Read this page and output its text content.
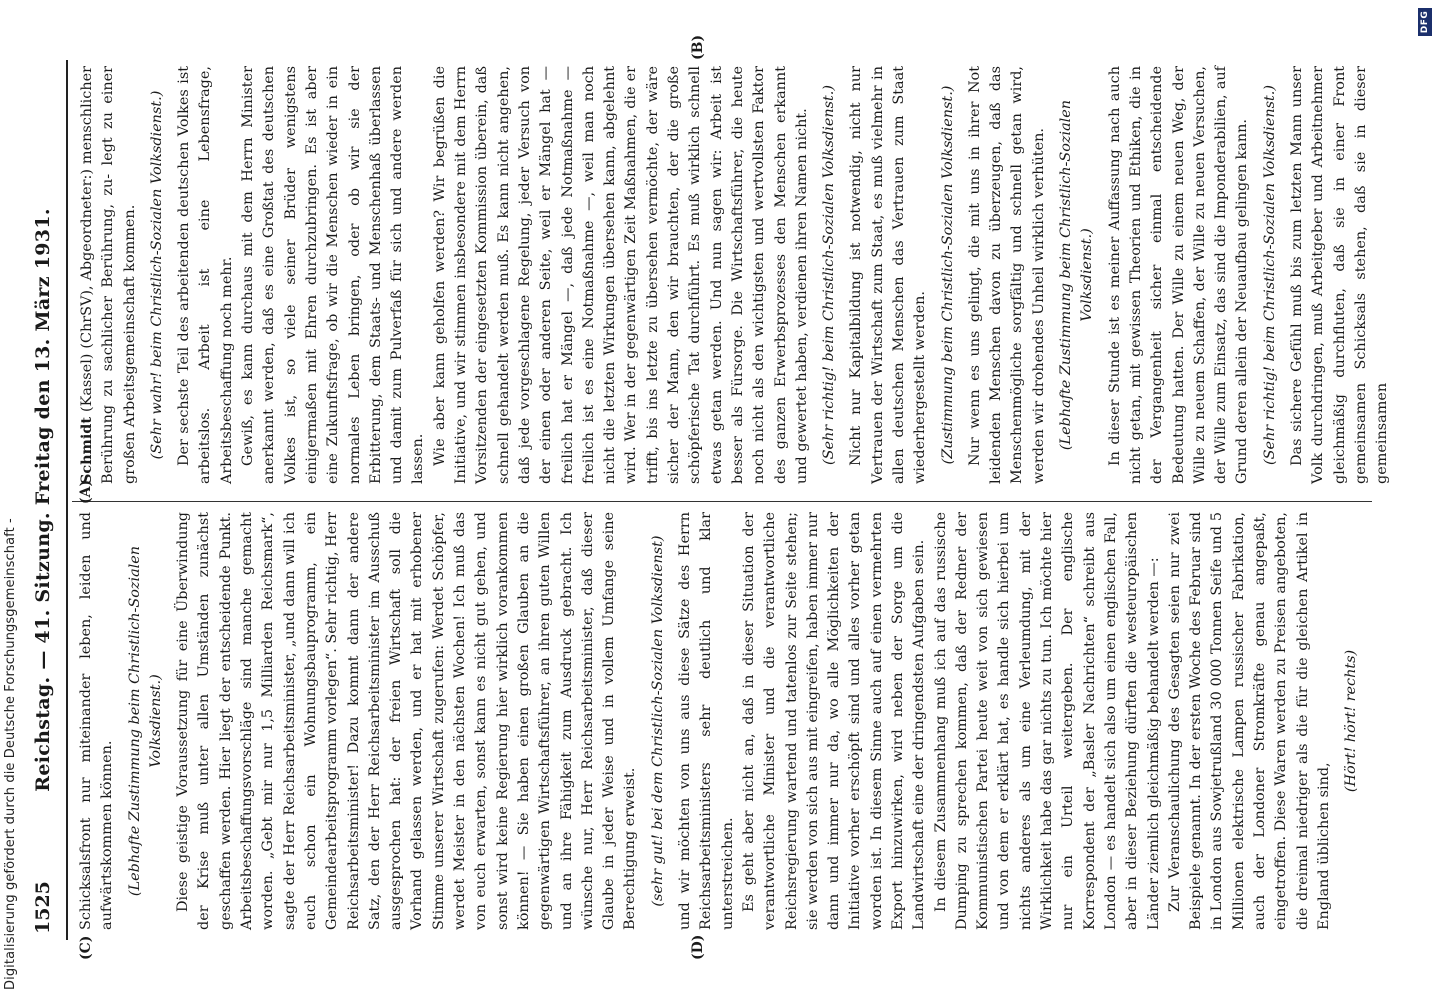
1525
Reichstag. — 41. Sitzung. Freitag den 13. März 1931. (A)
(B)
(C)	(D)

Schmidt (Kassel) (ChrSV), Abgeordneter:) menschlicher Berührung zu sachlicher Berührung, zu- legt zu einer großen Arbeitsgemeinschaft kommen. (Sehr wahr! beim Christlich-Sozialen Volksdienst.) Der sechste Teil des arbeitenden deutschen Volkes ist arbeitslos. Arbeit ist eine Lebensfrage, Arbeitsbeschaffung noch mehr. Gewiß, es kann durchaus mit dem Herrn Minister anerkannt werden, daß es eine Großtat des deutschen Volkes ist, so viele seiner Brüder wenigstens einigermaßen mit Ehren durchzubringen. Es ist aber eine Zukunftsfrage, ob wir die Menschen wieder in ein normales Leben bringen, oder ob wir sie der Erbitterung, dem Staats- und Menschenhaß überlassen und damit zum Pulverfaß für sich und andere werden lassen. Wie aber kann geholfen werden? Wir begrüßen die Initiative, und wir stimmen insbesondere mit dem Herrn Vorsitzenden der eingesetzten Kommission überein, daß schnell gehandelt werden muß. Es kann nicht angehen, daß jede vorgeschlagene Regelung, jeder Versuch von der einen oder anderen Seite, weil er Mängel hat — freilich hat er Mängel —, daß jede Notmaßnahme — freilich ist es eine Notmaßnahme —, weil man noch nicht die letzten Wirkungen übersehen kann, abgelehnt wird. Wer in der gegenwärtigen Zeit Maßnahmen, die er trifft, bis ins letzte zu übersehen vermöchte, der wäre sicher der Mann, den wir brauchten, der die große schöpferische Tat durchführt. Es muß wirklich schnell etwas getan werden. Und nun sagen wir: Arbeit ist besser als Fürsorge. Die Wirtschaftsführer, die heute noch nicht als den wichtigsten und wertvollsten Faktor des ganzen Erwerbsprozesses den Menschen erkannt und gewertet haben, verdienen ihren Namen nicht. (Sehr richtig! beim Christlich-Sozialen Volksdienst.) Nicht nur Kapitalbildung ist notwendig, nicht nur Vertrauen der Wirtschaft zum Staat, es muß vielmehr in allen deutschen Menschen das Vertrauen zum Staat wiederhergestellt werden. (Zustimmung beim Christlich-Sozialen Volksdienst.) Nur wenn es uns gelingt, die mit uns in ihrer Not leidenden Menschen davon zu überzeugen, daß das Menschenmögliche sorgfältig und schnell getan wird, werden wir drohendes Unheil wirklich verhüten. (Lebhafte Zustimmung beim Christlich-Sozialen Volksdienst.) In dieser Stunde ist es meiner Auffassung nach auch nicht getan, mit gewissen Theorien und Ethiken, die in der Vergangenheit sicher einmal entscheidende Bedeutung hatten. Der Wille zu einem neuen Weg, der Wille zu neuem Schaffen, der Wille zu neuen Versuchen, der Wille zum Einsatz, das sind die Imponderabilien, auf Grund deren allein der Neuaufbau gelingen kann. (Sehr richtig! beim Christlich-Sozialen Volksdienst.) Das sichere Gefühl muß bis zum letzten Mann unser Volk durchdringen, muß Arbeitgeber und Arbeitnehmer gleichmäßig durchfluten, daß sie in einer Front gemeinsamen Schicksals stehen, daß sie in dieser gemeinsamen

Schicksalsfront nur miteinander leben, leiden und aufwärtskommen können. (Lebhafte Zustimmung beim Christlich-Sozialen Volksdienst.) Diese geistige Voraussetzung für eine Überwindung der Krise muß unter allen Umständen zunächst geschaffen werden. Hier liegt der entscheidende Punkt. Arbeitsbeschaffungsvorschläge sind manche gemacht worden. „Gebt mir nur 1,5 Milliarden Reichsmark“, sagte der Herr Reichsarbeitsminister, „und dann will ich euch schon ein Wohnungsbauprogramm, ein Gemeindearbeitsprogramm vorlegen“. Sehr richtig, Herr Reichsarbeitsminister! Dazu kommt dann der andere Satz, den der Herr Reichsarbeitsminister im Ausschuß ausgesprochen hat: der freien Wirtschaft soll die Vorhand gelassen werden, und er hat mit erhobener Stimme unserer Wirtschaft zugerufen: Werdet Schöpfer, werdet Meister in den nächsten Wochen! Ich muß das von euch erwarten, sonst kann es nicht gut gehen, und sonst wird keine Regierung hier wirklich vorankommen können! — Sie haben einen großen Glauben an die gegenwärtigen Wirtschaftsführer, an ihren guten Willen und an ihre Fähigkeit zum Ausdruck gebracht. Ich wünsche nur, Herr Reichsarbeitsminister, daß dieser Glaube in jeder Weise und in vollem Umfange seine Berechtigung erweist. (sehr gut! bei dem Christlich-Sozialen Volksdienst) und wir möchten von uns aus diese Sätze des Herrn Reichsarbeitsministers sehr deutlich und klar unterstreichen. Es geht aber nicht an, daß in dieser Situation der verantwortliche Minister und die verantwortliche Reichsregierung wartend und tatenlos zur Seite stehen; sie werden von sich aus mit eingreifen, haben immer nur dann und immer nur da, wo alle Möglichkeiten der Initiative vorher erschöpft sind und alles vorher getan worden ist. In diesem Sinne auch auf einen vermehrten Export hinzuwirken, wird neben der Sorge um die Landwirtschaft eine der dringendsten Aufgaben sein. In diesem Zusammenhang muß ich auf das russische Dumping zu sprechen kommen, daß der Redner der Kommunistischen Partei heute weit von sich gewiesen und von dem er erklärt hat, es handle sich hierbei um nichts anderes als um eine Verleumdung, mit der Wirklichkeit habe das gar nichts zu tun. Ich möchte hier nur ein Urteil weitergeben. Der englische Korrespondent der „Basler Nachrichten“ schreibt aus London — es handelt sich also um einen englischen Fall, aber in dieser Beziehung dürften die westeuropäischen Länder ziemlich gleichmäßig behandelt werden —: Zur Veranschaulichung des Gesagten seien nur zwei Beispiele genannt. In der ersten Woche des Februar sind in London aus Sowjetrußland 30 000 Tonnen Seife und 5 Millionen elektrische Lampen russischer Fabrikation, auch der Londoner Stromkräfte genau angepaßt, eingetroffen. Diese Waren werden zu Preisen angeboten, die dreimal niedriger als die für die gleichen Artikel in England üblichen sind,

(Hört! hört! rechts)

DFG
Digitalisierung gefördert durch die Deutsche Forschungsgemeinschaft -
